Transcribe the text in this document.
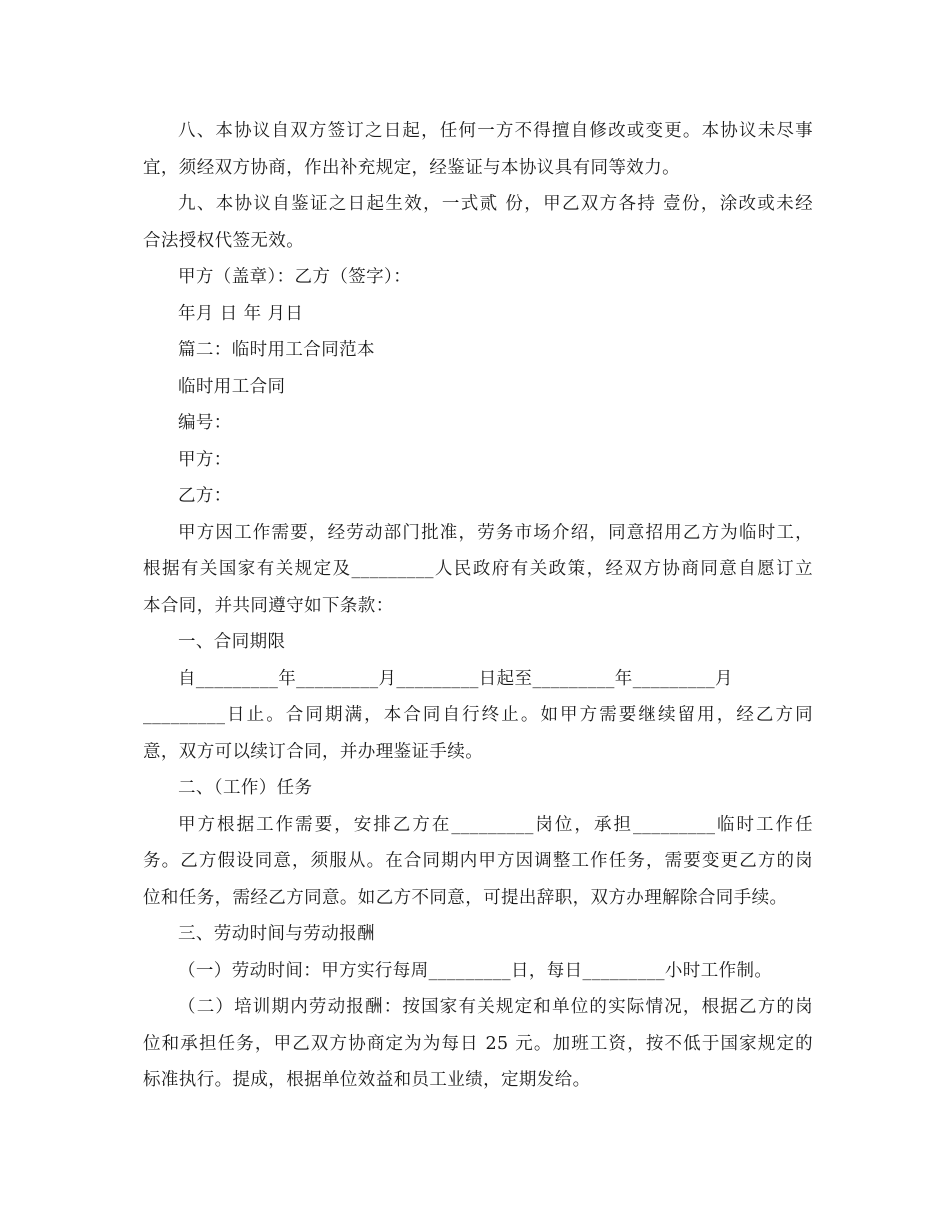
八、本协议自双方签订之日起，任何一方不得擅自修改或变更。本协议未尽事

宜，须经双方协商，作出补充规定，经鉴证与本协议具有同等效力。

九、本协议自鉴证之日起生效，一式贰 份，甲乙双方各持 壹份，涂改或未经

合法授权代签无效。

甲方（盖章）：乙方（签字）：

年月 日 年 月日

篇二：临时用工合同范本

临时用工合同

编号：

甲方：

乙方：

甲方因工作需要，经劳动部门批准，劳务市场介绍，同意招用乙方为临时工，

根据有关国家有关规定及_________人民政府有关政策，经双方协商同意自愿订立

本合同，并共同遵守如下条款：

一、合同期限

自_________年_________月_________日起至_________年_________月

_________日止。合同期满，本合同自行终止。如甲方需要继续留用，经乙方同

意，双方可以续订合同，并办理鉴证手续。

二、（工作）任务

甲方根据工作需要，安排乙方在_________岗位，承担_________临时工作任

务。乙方假设同意，须服从。在合同期内甲方因调整工作任务，需要变更乙方的岗

位和任务，需经乙方同意。如乙方不同意，可提出辞职，双方办理解除合同手续。

三、劳动时间与劳动报酬

（一）劳动时间：甲方实行每周_________日，每日_________小时工作制。

（二）培训期内劳动报酬：按国家有关规定和单位的实际情况，根据乙方的岗

位和承担任务，甲乙双方协商定为为每日 25 元。加班工资，按不低于国家规定的

标准执行。提成，根据单位效益和员工业绩，定期发给。
